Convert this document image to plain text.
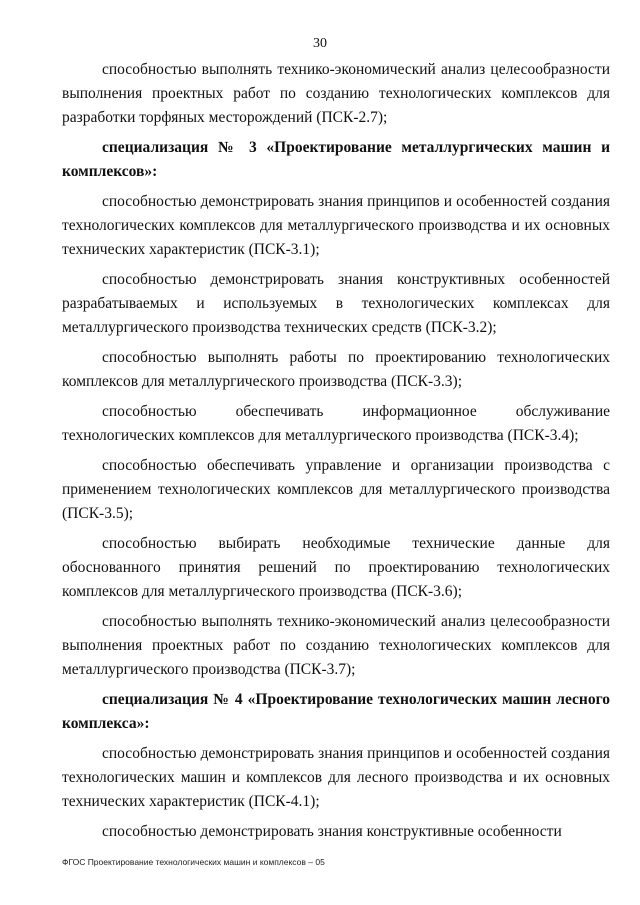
30

способностью выполнять технико-экономический анализ целесообразности выполнения проектных работ по созданию технологических комплексов для разработки торфяных месторождений (ПСК-2.7);

специализация № 3 «Проектирование металлургических машин и комплексов»:

способностью демонстрировать знания принципов и особенностей создания технологических комплексов для металлургического производства и их основных технических характеристик (ПСК-3.1);

способностью демонстрировать знания конструктивных особенностей разрабатываемых и используемых в технологических комплексах для металлургического производства технических средств (ПСК-3.2);

способностью выполнять работы по проектированию технологических комплексов для металлургического производства (ПСК-3.3);

способностью обеспечивать информационное обслуживание технологических комплексов для металлургического производства (ПСК-3.4);

способностью обеспечивать управление и организации производства с применением технологических комплексов для металлургического производства (ПСК-3.5);

способностью выбирать необходимые технические данные для обоснованного принятия решений по проектированию технологических комплексов для металлургического производства (ПСК-3.6);

способностью выполнять технико-экономический анализ целесообразности выполнения проектных работ по созданию технологических комплексов для металлургического производства (ПСК-3.7);

специализация № 4 «Проектирование технологических машин лесного комплекса»:

способностью демонстрировать знания принципов и особенностей создания технологических машин и комплексов для лесного производства и их основных технических характеристик (ПСК-4.1);

способностью демонстрировать знания конструктивные особенности

ФГОС Проектирование технологических машин и комплексов – 05
